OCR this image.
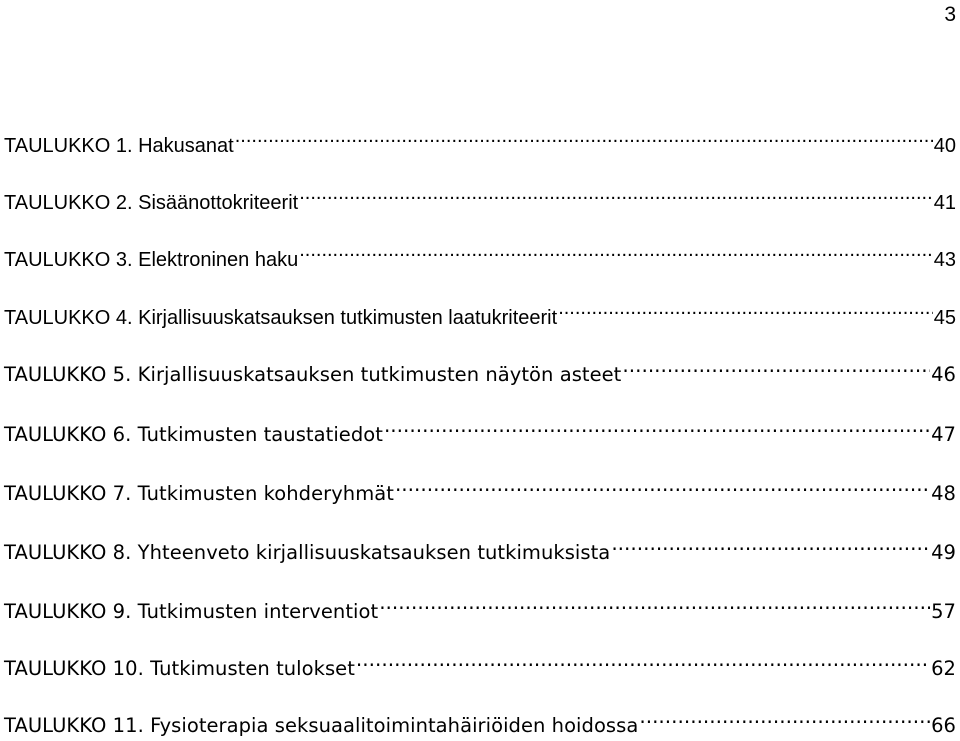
3
TAULUKKO 1. Hakusanat .....	40
TAULUKKO 2. Sisäänottokriteerit .....	41
TAULUKKO 3. Elektroninen haku .....	43
TAULUKKO 4. Kirjallisuuskatsauksen tutkimusten laatukriteerit .....	45
TAULUKKO 5. Kirjallisuuskatsauksen tutkimusten näytön asteet .....	46
TAULUKKO 6. Tutkimusten taustatiedot .....	47
TAULUKKO 7. Tutkimusten kohderyhmät .....	48
TAULUKKO 8. Yhteenveto kirjallisuuskatsauksen tutkimuksista .....	49
TAULUKKO 9. Tutkimusten interventiot .....	57
TAULUKKO 10. Tutkimusten tulokset .....	62
TAULUKKO 11. Fysioterapia seksuaalitoimintahäiriöiden hoidossa .....	66
